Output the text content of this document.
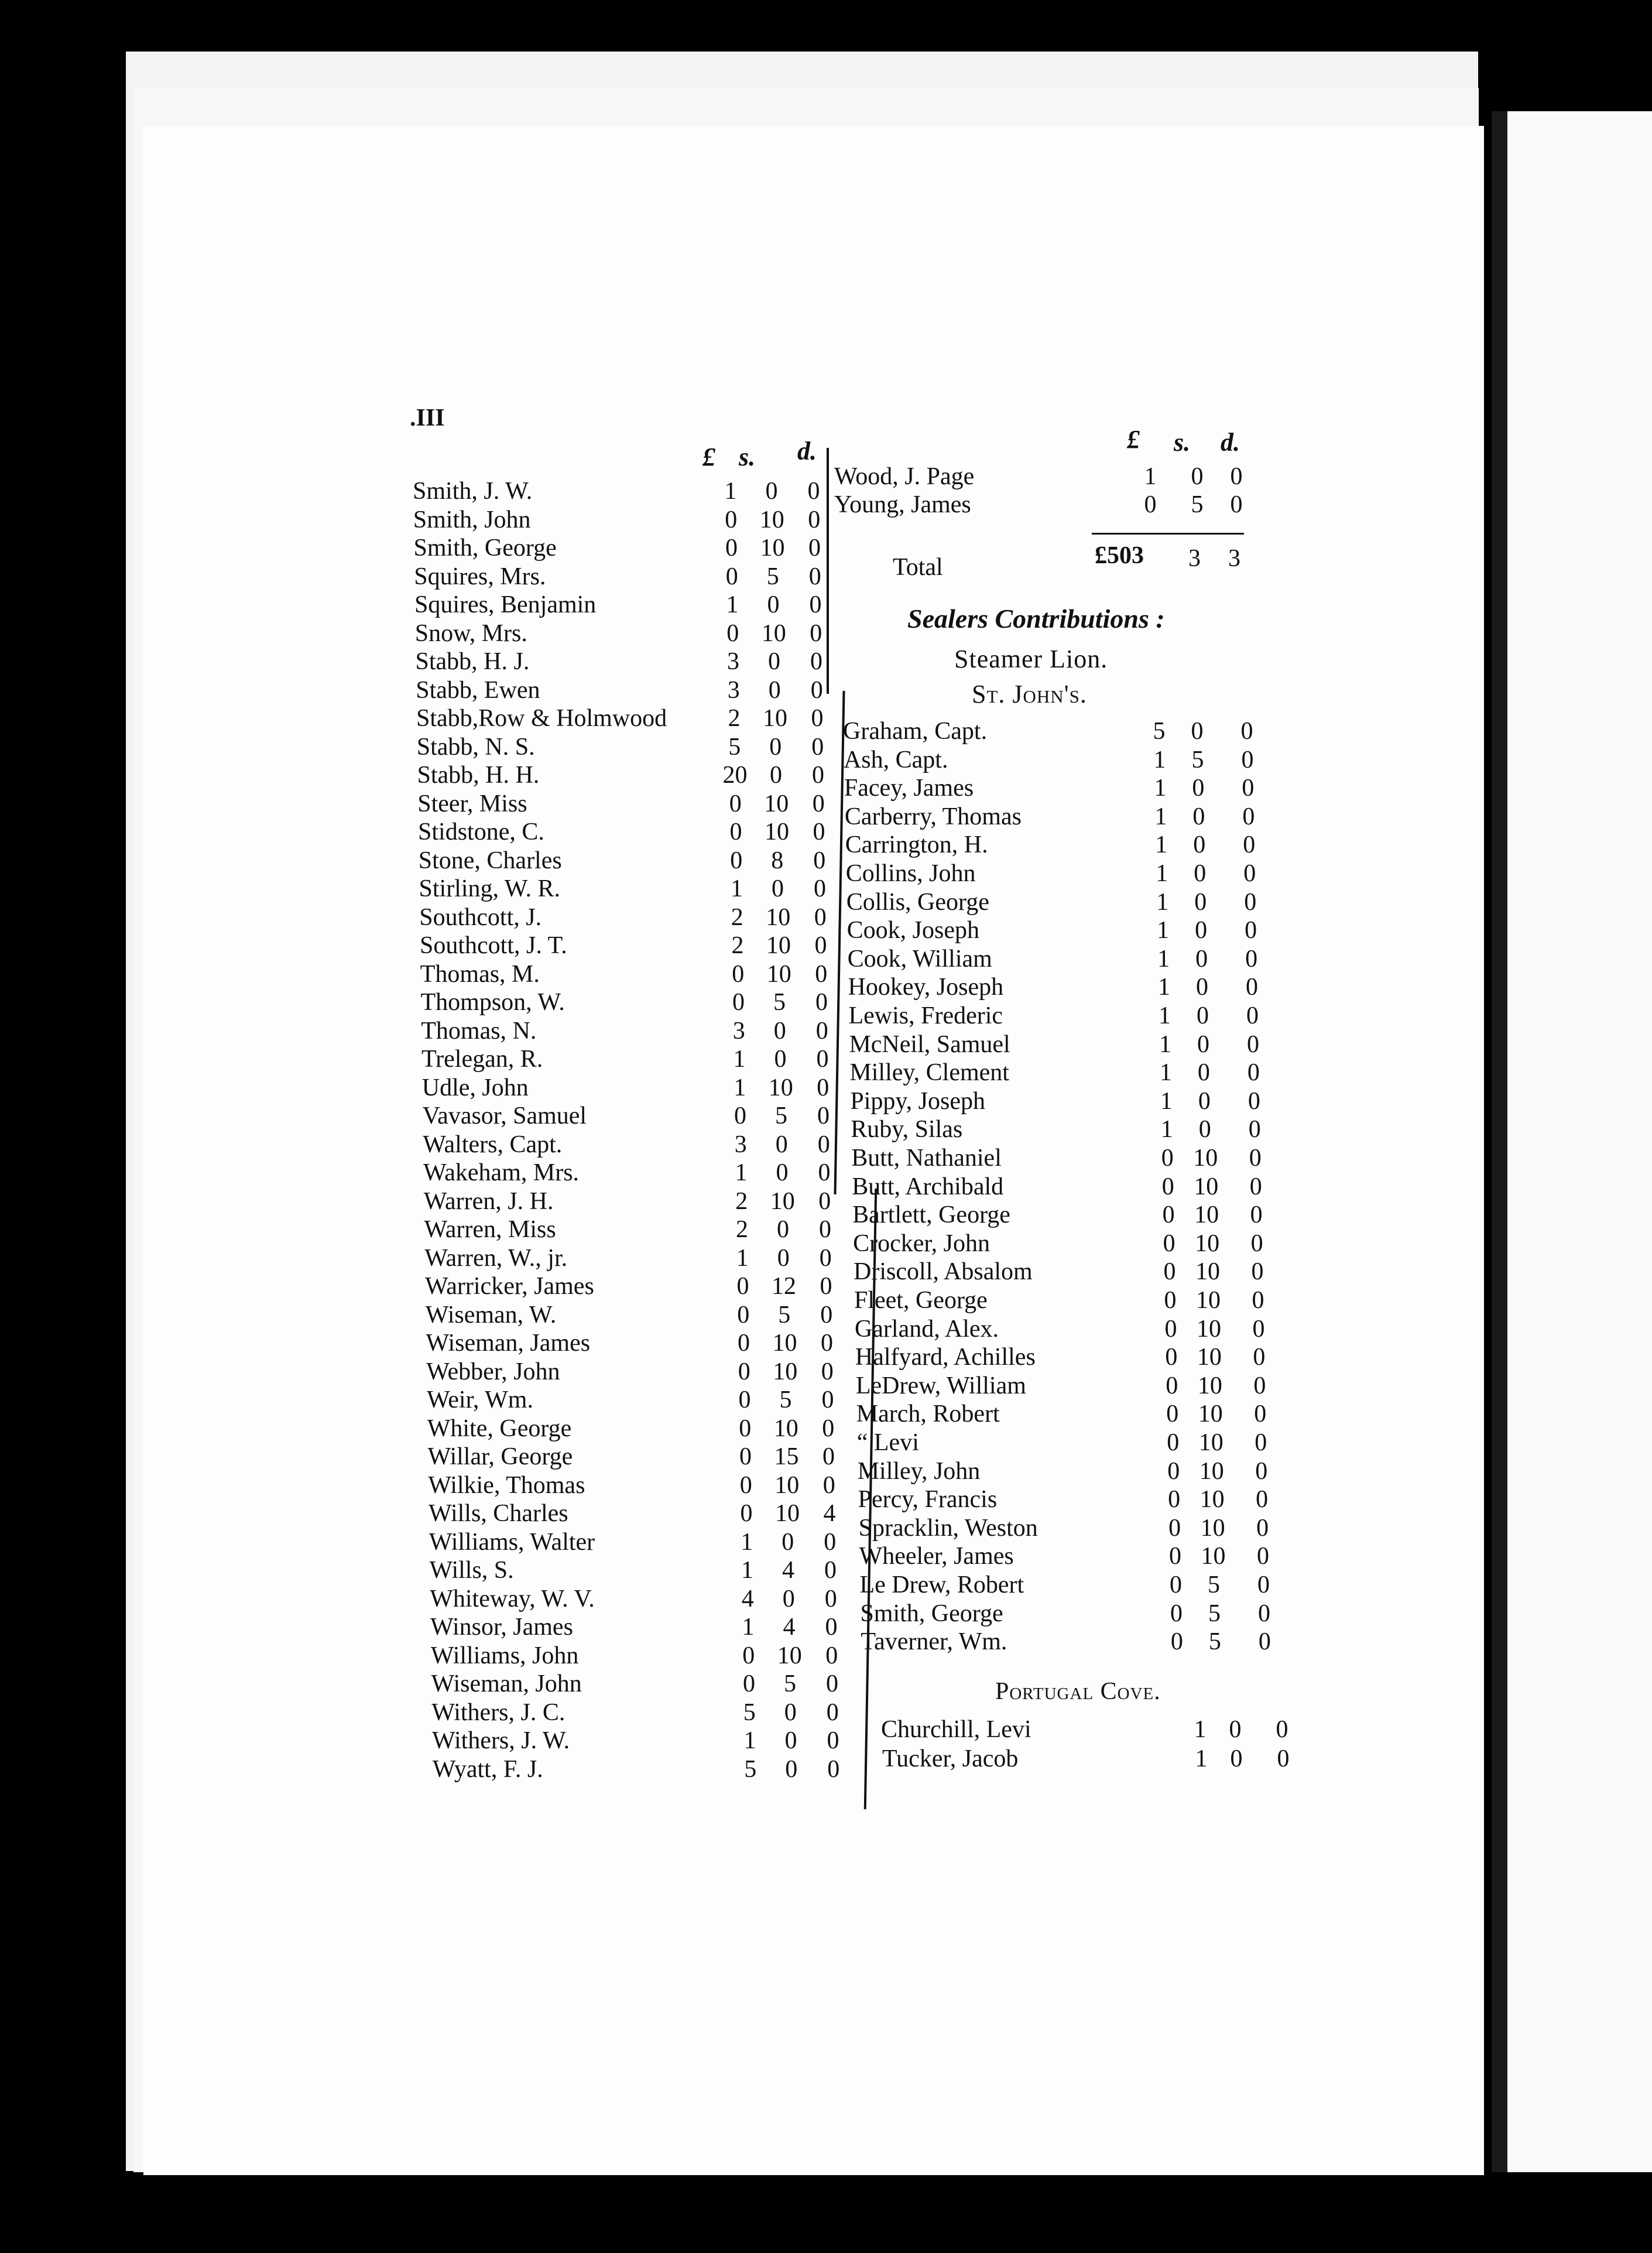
.III
£ s. d.	£ s. d.
Smith, J. W.	1	0	0
Smith, John	0 10 0
Smith, George	0 10 0
Squires, Mrs.	0	5	0
Squires, Benjamin	1	0	0
Snow, Mrs.	0 10 0
Stabb, H. J.	3	0	0
Stabb, Ewen	3	0	0
Stabb,Row & Holmwood	2 10 0
Stabb, N. S.	5	0	0
Stabb, H. H.	20 0	0
Steer, Miss	0 10 0
Stidstone, C.	0 10 0
Stone, Charles	0	8	0
Stirling, W. R.	1	0	0
Southcott, J.	2 10 0
Southcott, J. T.	2 10 0
Thomas, M.	0 10 0
Thompson, W.	0	5	0
Thomas, N.	3	0	0
Trelegan, R.	1	0	0
Udle, John	1 10 0
Vavasor, Samuel	0	5	0
Walters, Capt.	3	0	0
Wakeham, Mrs.	1	0	0
Warren, J. H.	2 10 0
Warren, Miss	2	0	0
Warren, W., jr.	1	0	0
Warricker, James	0 12 0
Wiseman, W.	0	5	0
Wiseman, James	0 10 0
Webber, John	0 10 0
Weir, Wm.	0	5	0
White, George	0 10 0
Willar, George	0 15 0
Wilkie, Thomas	0 10 0
Wills, Charles	0 10 4
Williams, Walter	1	0	0
Wills, S.	1	4	0
Whiteway, W. V.	4	0	0
Winsor, James	1	4	0
Williams, John	0 10 0
Wiseman, John	0	5	0
Withers, J. C.	5	0	0
Withers, J. W.	1	0	0
Wyatt, F. J.	5	0	0
Wood, J. Page	1	0	0
Young, James	0	5	0
Total	£503 3 3
Sealers Contributions :
Steamer Lion.
St. John's.
Graham, Capt.	5	0	0
Ash, Capt.	1	5	0
Facey, James	1	0	0
Carberry, Thomas	1	0	0
Carrington, H.	1	0	0
Collins, John	1	0	0
Collis, George	1	0	0
Cook, Joseph	1	0	0
Cook, William	1	0	0
Hookey, Joseph	1	0	0
Lewis, Frederic	1	0	0
McNeil, Samuel	1	0	0
Milley, Clement	1	0	0
Pippy, Joseph	1	0	0
Ruby, Silas	1	0	0
Butt, Nathaniel	0 10	0
Butt, Archibald	0 10	0
Bartlett, George	0 10	0
Crocker, John	0 10	0
Driscoll, Absalom	0 10	0
Fleet, George	0 10	0
Garland, Alex.	0 10	0
Halfyard, Achilles	0 10	0
LeDrew, William	0 10	0
March, Robert	0 10	0
“ Levi	0 10	0
Milley, John	0 10	0
Percy, Francis	0 10	0
Spracklin, Weston	0 10	0
Wheeler, James	0 10	0
Le Drew, Robert	0	5	0
Smith, George	0	5	0
Taverner, Wm.	0	5	0
Portugal Cove.
Churchill, Levi	1 0	0
Tucker, Jacob	1 0	0
